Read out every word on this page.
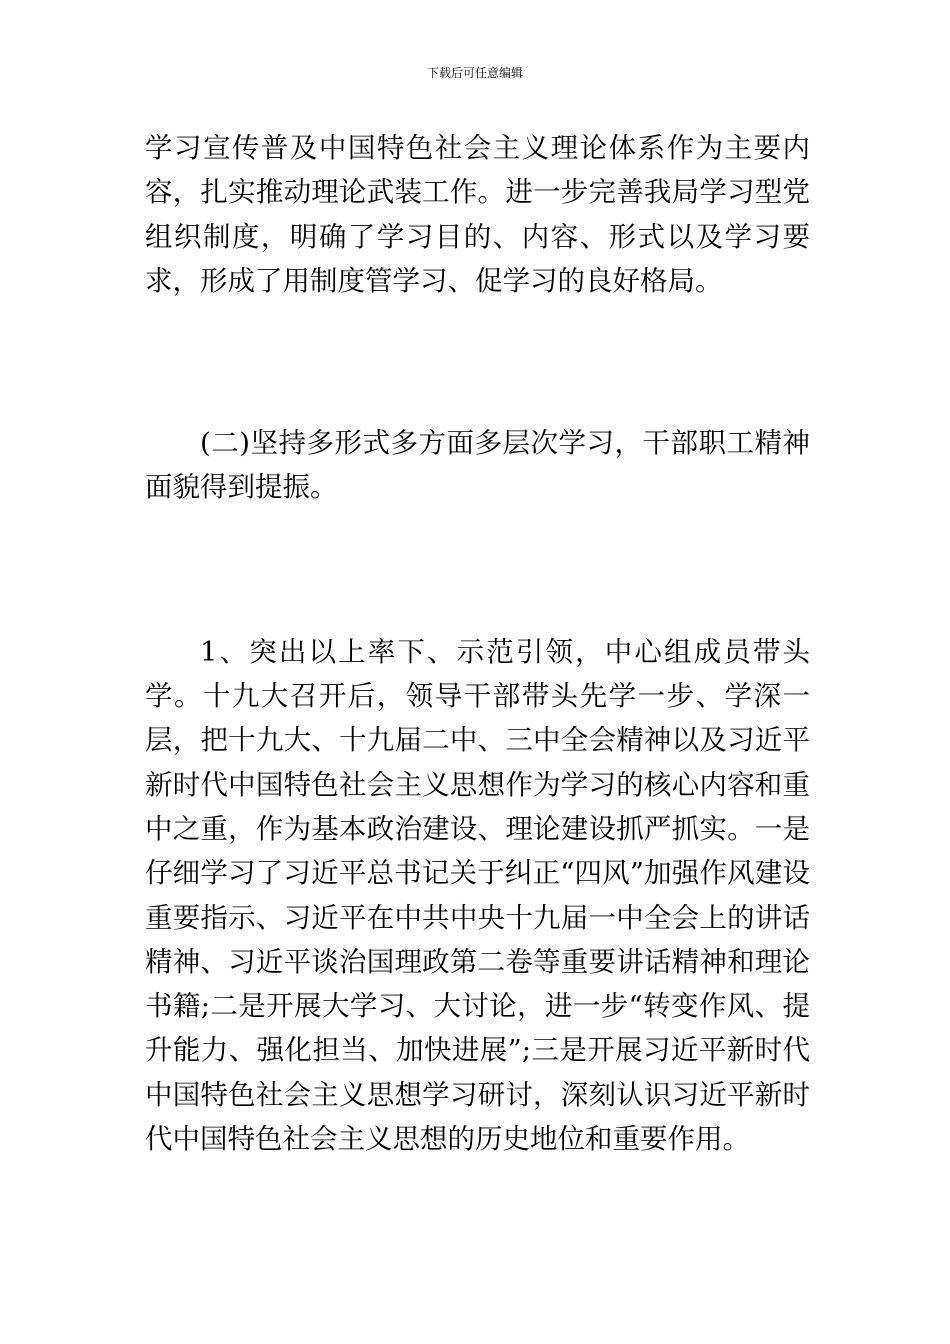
下载后可任意编辑

学习宣传普及中国特色社会主义理论体系作为主要内容，扎实推动理论武装工作。进一步完善我局学习型党组织制度，明确了学习目的、内容、形式以及学习要求，形成了用制度管学习、促学习的良好格局。

(二)坚持多形式多方面多层次学习，干部职工精神面貌得到提振。

1、突出以上率下、示范引领，中心组成员带头学。十九大召开后，领导干部带头先学一步、学深一层，把十九大、十九届二中、三中全会精神以及习近平新时代中国特色社会主义思想作为学习的核心内容和重中之重，作为基本政治建设、理论建设抓严抓实。一是仔细学习了习近平总书记关于纠正“四风”加强作风建设重要指示、习近平在中共中央十九届一中全会上的讲话精神、习近平谈治国理政第二卷等重要讲话精神和理论书籍;二是开展大学习、大讨论，进一步“转变作风、提升能力、强化担当、加快进展”;三是开展习近平新时代中国特色社会主义思想学习研讨，深刻认识习近平新时代中国特色社会主义思想的历史地位和重要作用。
